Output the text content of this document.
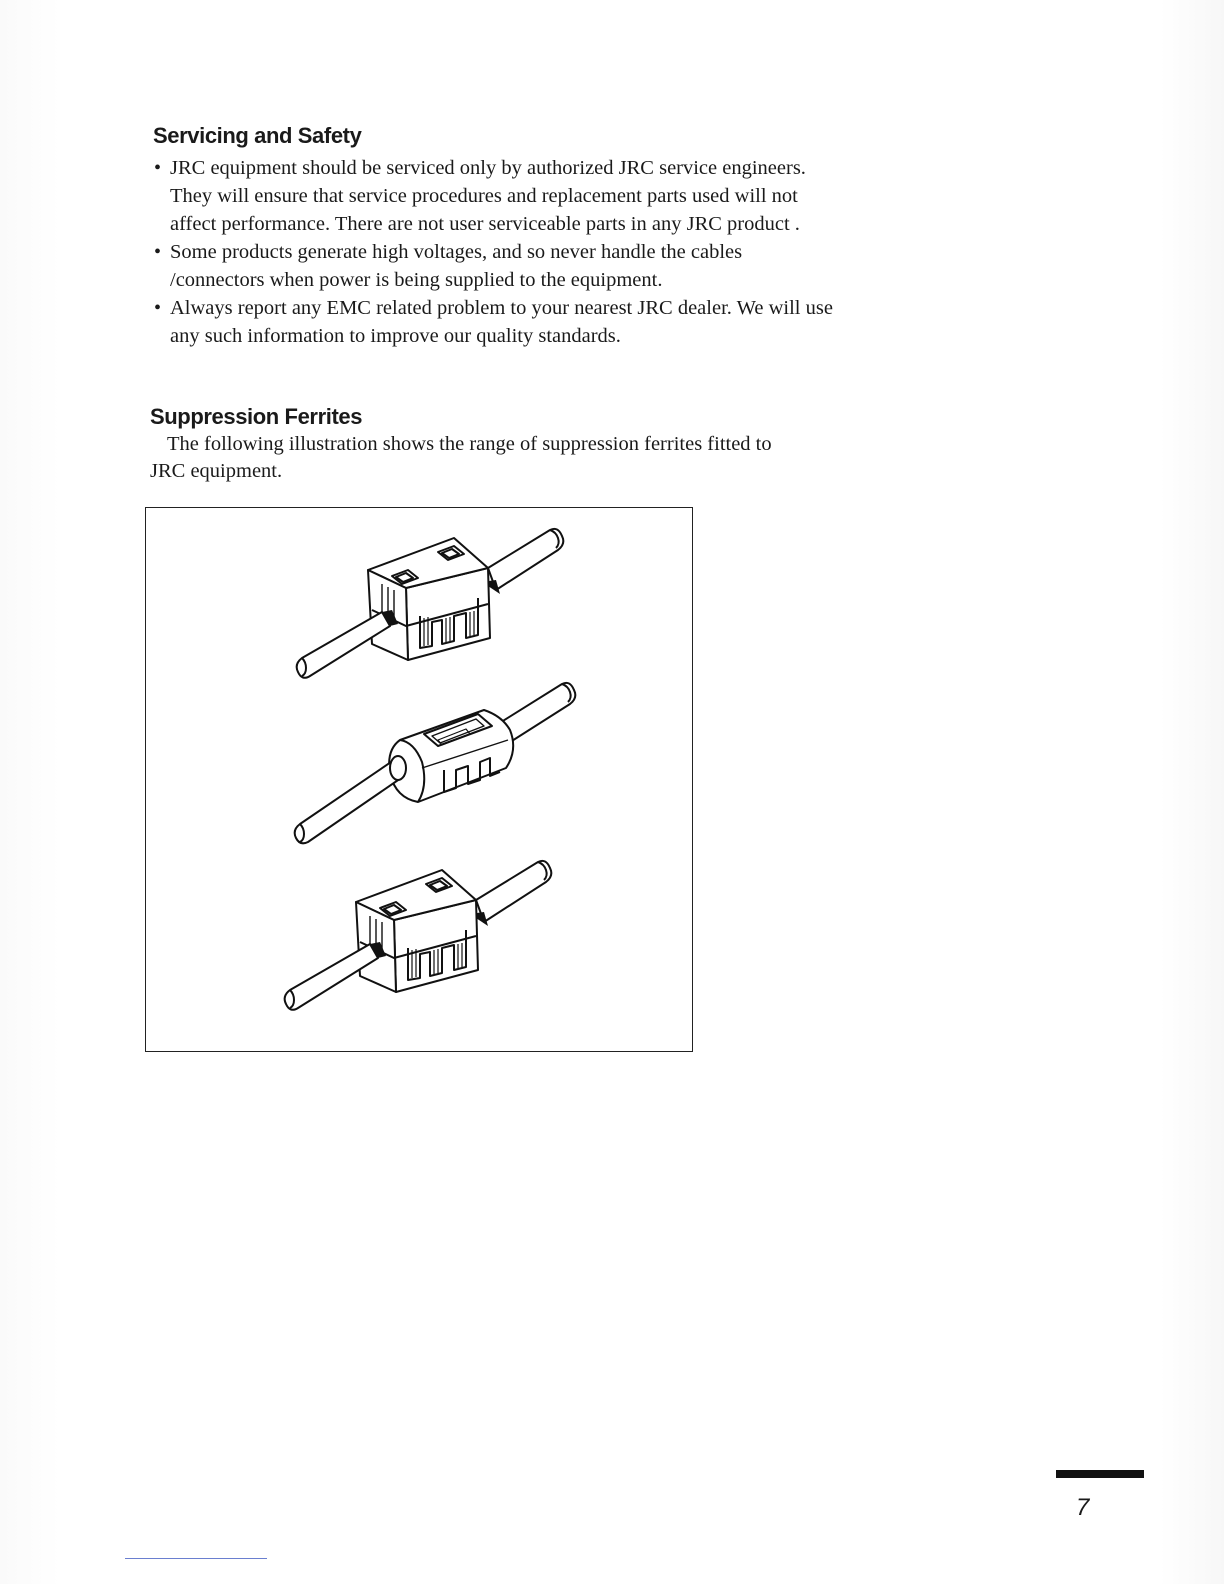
Servicing and Safety
• JRC equipment should be serviced only by authorized JRC service engineers. They will ensure that service procedures and replacement parts used will not affect performance. There are not user serviceable parts in any JRC product .
• Some products generate high voltages, and so never handle the cables /connectors when power is being supplied to the equipment.
• Always report any EMC related problem to your nearest JRC dealer. We will use any such information to improve our quality standards.
Suppression Ferrites

The following illustration shows the range of suppression ferrites fitted to JRC equipment.

7
